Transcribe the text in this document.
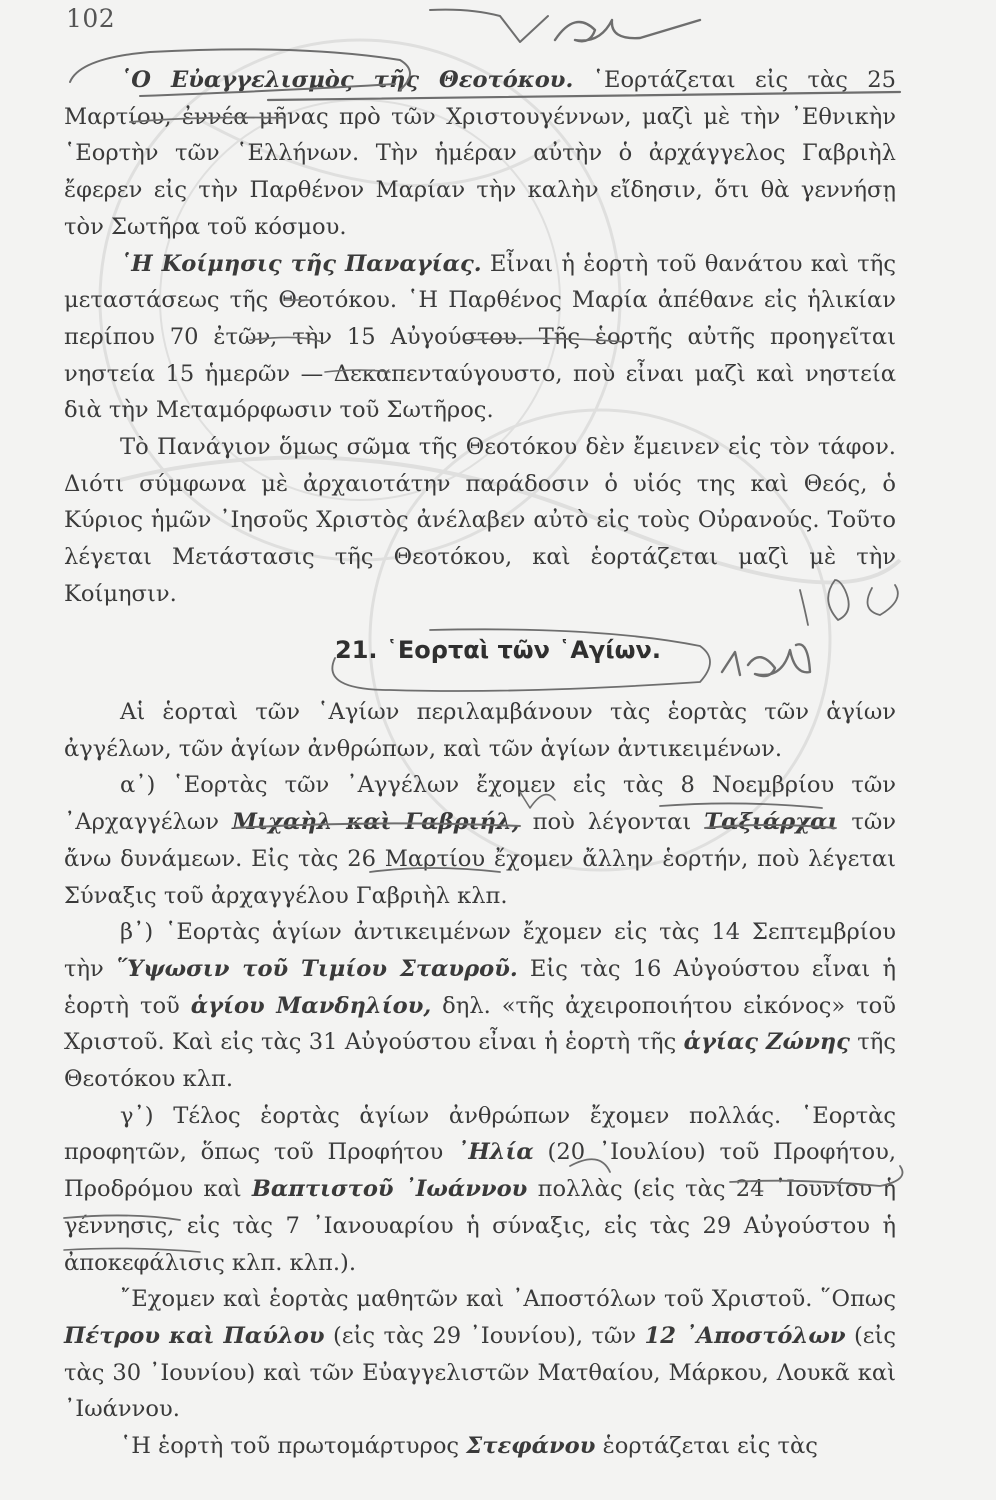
102

῾Ο Εὐαγγελισμὸς τῆς Θεοτόκου. ῾Εορτάζεται εἰς τὰς 25 Μαρτίου, ἐννέα μῆνας πρὸ τῶν Χριστουγέννων, μαζὶ μὲ τὴν ᾿Εθνικὴν ῾Εορτὴν τῶν ῾Ελλήνων. Τὴν ἡμέραν αὐτὴν ὁ ἀρχάγγελος Γαβριὴλ ἔφερεν εἰς τὴν Παρθένον Μαρίαν τὴν καλὴν εἴδησιν, ὅτι θὰ γεννήσῃ τὸν Σωτῆρα τοῦ κόσμου.

῾Η Κοίμησις τῆς Παναγίας. Εἶναι ἡ ἑορτὴ τοῦ θανάτου καὶ τῆς μεταστάσεως τῆς Θεοτόκου. ῾Η Παρθένος Μαρία ἀπέθανε εἰς ἡλικίαν περίπου 70 ἐτῶν, τὴν 15 Αὐγούστου. Τῆς ἑορτῆς αὐτῆς προηγεῖται νηστεία 15 ἡμερῶν — Δεκαπενταύγουστο, ποὺ εἶναι μαζὶ καὶ νηστεία διὰ τὴν Μεταμόρφωσιν τοῦ Σωτῆρος.

Τὸ Πανάγιον ὅμως σῶμα τῆς Θεοτόκου δὲν ἔμεινεν εἰς τὸν τάφον. Διότι σύμφωνα μὲ ἀρχαιοτάτην παράδοσιν ὁ υἱός της καὶ Θεός, ὁ Κύριος ἡμῶν ᾿Ιησοῦς Χριστὸς ἀνέλαβεν αὐτὸ εἰς τοὺς Οὐρανούς. Τοῦτο λέγεται Μετάστασις τῆς Θεοτόκου, καὶ ἑορτάζεται μαζὶ μὲ τὴν Κοίμησιν.

21. ῾Εορταὶ τῶν ῾Αγίων.

Αἱ ἑορταὶ τῶν ῾Αγίων περιλαμβάνουν τὰς ἑορτὰς τῶν ἁγίων ἀγγέλων, τῶν ἁγίων ἀνθρώπων, καὶ τῶν ἁγίων ἀντικειμένων.

α᾿) ῾Εορτὰς τῶν ᾿Αγγέλων ἔχομεν εἰς τὰς 8 Νοεμβρίου τῶν ᾿Αρχαγγέλων Μιχαὴλ καὶ Γαβριήλ, ποὺ λέγονται Ταξιάρχαι τῶν ἄνω δυνάμεων. Εἰς τὰς 26 Μαρτίου ἔχομεν ἄλλην ἑορτήν, ποὺ λέγεται Σύναξις τοῦ ἀρχαγγέλου Γαβριὴλ κλπ.

β᾿) ῾Εορτὰς ἁγίων ἀντικειμένων ἔχομεν εἰς τὰς 14 Σεπτεμβρίου τὴν ῞Υψωσιν τοῦ Τιμίου Σταυροῦ. Εἰς τὰς 16 Αὐγούστου εἶναι ἡ ἑορτὴ τοῦ ἁγίου Μανδηλίου, δηλ. «τῆς ἀχειροποιήτου εἰκόνος» τοῦ Χριστοῦ. Καὶ εἰς τὰς 31 Αὐγούστου εἶναι ἡ ἑορτὴ τῆς ἁγίας Ζώνης τῆς Θεοτόκου κλπ.

γ᾿) Τέλος ἑορτὰς ἁγίων ἀνθρώπων ἔχομεν πολλάς. ῾Εορτὰς προφητῶν, ὅπως τοῦ Προφήτου ᾿Ηλία (20 ᾿Ιουλίου) τοῦ Προφήτου, Προδρόμου καὶ Βαπτιστοῦ ᾿Ιωάννου πολλὰς (εἰς τὰς 24 ᾿Ιουνίου ἡ γέννησις, εἰς τὰς 7 ᾿Ιανουαρίου ἡ σύναξις, εἰς τὰς 29 Αὐγούστου ἡ ἀποκεφάλισις κλπ. κλπ.).

῎Εχομεν καὶ ἑορτὰς μαθητῶν καὶ ᾿Αποστόλων τοῦ Χριστοῦ. ῞Οπως Πέτρου καὶ Παύλου (εἰς τὰς 29 ᾿Ιουνίου), τῶν 12 ᾿Αποστόλων (εἰς τὰς 30 ᾿Ιουνίου) καὶ τῶν Εὐαγγελιστῶν Ματθαίου, Μάρκου, Λουκᾶ καὶ ᾿Ιωάννου.

῾Η ἑορτὴ τοῦ πρωτομάρτυρος Στεφάνου ἑορτάζεται εἰς τὰς
